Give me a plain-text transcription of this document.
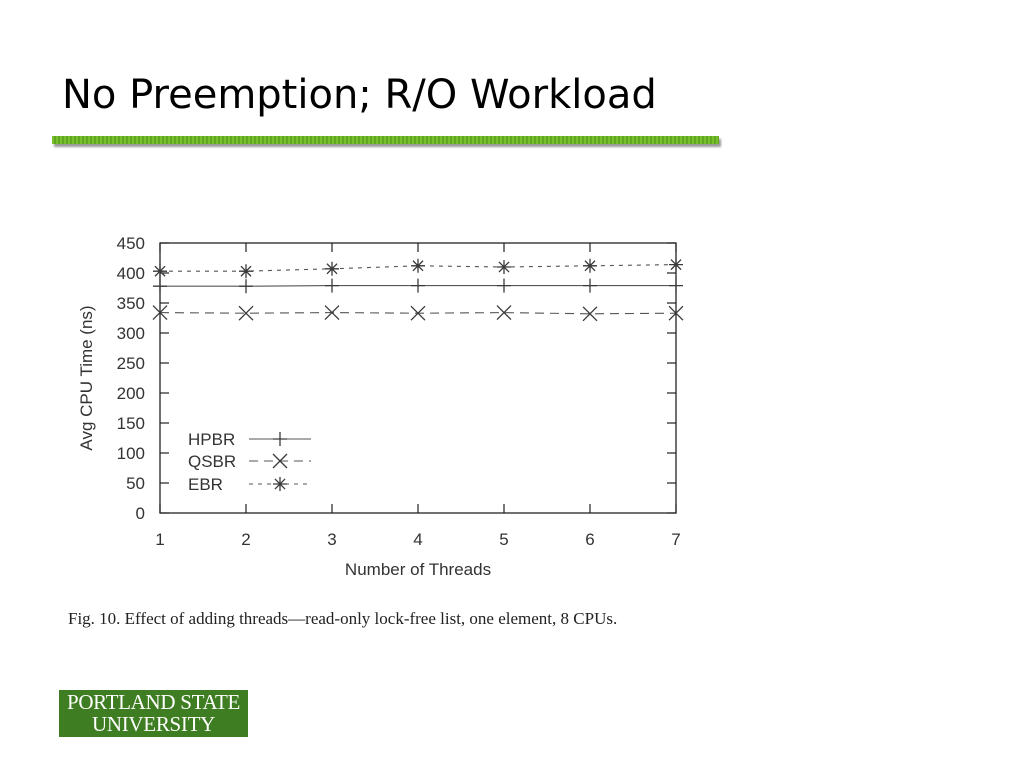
No Preemption; R/O Workload
0
50
100
150
200
250
300
350
400
450
1	2	3	4	5	6	7
Number of Threads
Avg CPU Time (ns)	HPBR
QSBR
EBR
Fig. 10. Effect of adding threads—read-only lock-free list, one element, 8 CPUs.
PORTLAND STATE
UNIVERSITY
